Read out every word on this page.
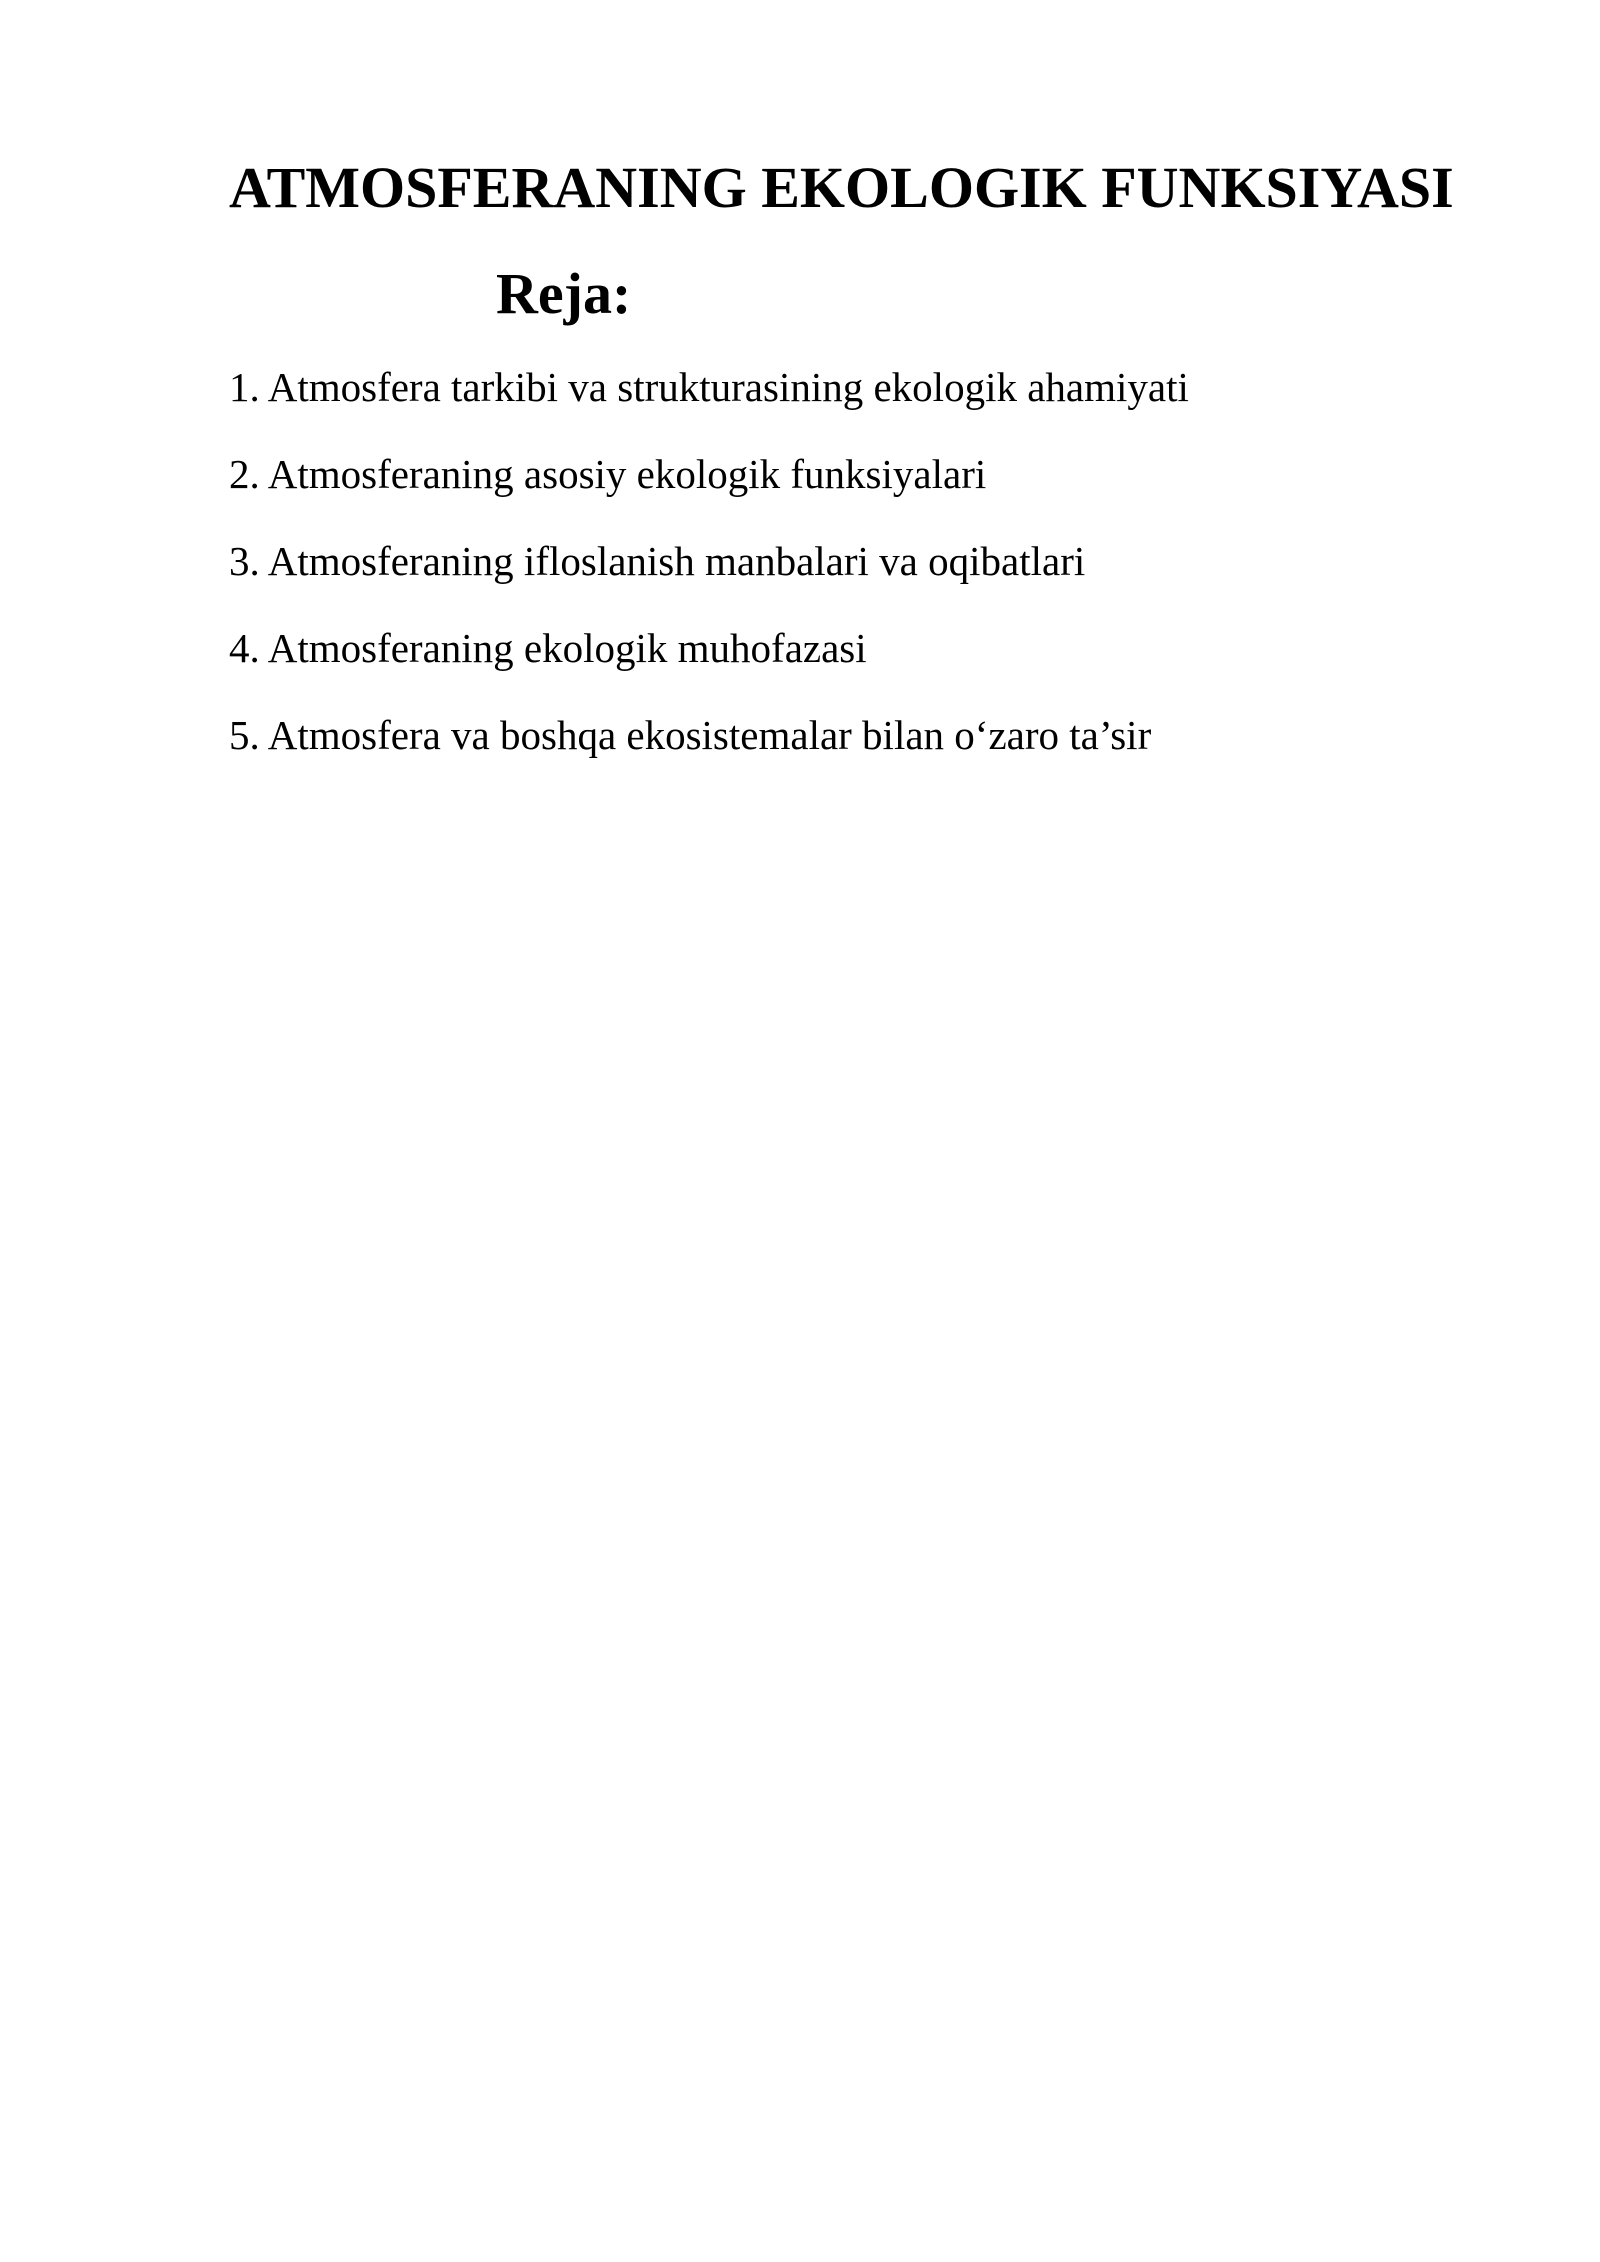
ATMOSFERANING EKOLOGIK FUNKSIYASI
Reja:
1. Atmosfera tarkibi va strukturasining ekologik ahamiyati
2. Atmosferaning asosiy ekologik funksiyalari
3. Atmosferaning ifloslanish manbalari va oqibatlari
4. Atmosferaning ekologik muhofazasi
5. Atmosfera va boshqa ekosistemalar bilan o‘zaro ta’sir
